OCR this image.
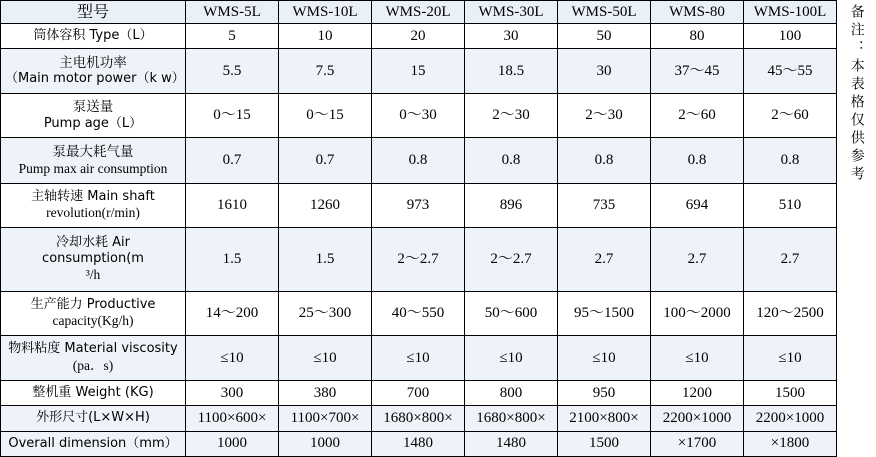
型号	WMS-5L	WMS-10L	WMS-20L	WMS-30L	WMS-50L	WMS-80	WMS-100L

筒体容积 Type（L）	5	10	20	30	50	80	100

主电机功率
（Main motor power（k w）	5.5	7.5	15	18.5	30	37～45	45～55

泵送量
Pump age（L）	0～15	0～15	0～30	2～30	2～30	2～60	2～60

泵最大耗气量
Pump max air consumption	0.7	0.7	0.8	0.8	0.8	0.8	0.8

主轴转速 Main shaft
revolution(r/min)	1610	1260	973	896	735	694	510

冷却水耗 Air consumption(m
³/h	1.5	1.5	2～2.7	2～2.7	2.7	2.7	2.7

生产能力 Productive
capacity(Kg/h)	14～200	25～300	40～550	50～600	95～1500	100～2000	120～2500

物料粘度 Material viscosity
(pa．s)	≤10	≤10	≤10	≤10	≤10	≤10	≤10

整机重 Weight (KG)	300	380	700	800	950	1200	1500

外形尺寸(L×W×H)	1100×600×	1100×700×	1680×800×	1680×800×	2100×800×	2200×1000	2200×1000

Overall dimension（mm）	1000	1000	1480	1480	1500	×1700	×1800
备注：本表格仅供参考
